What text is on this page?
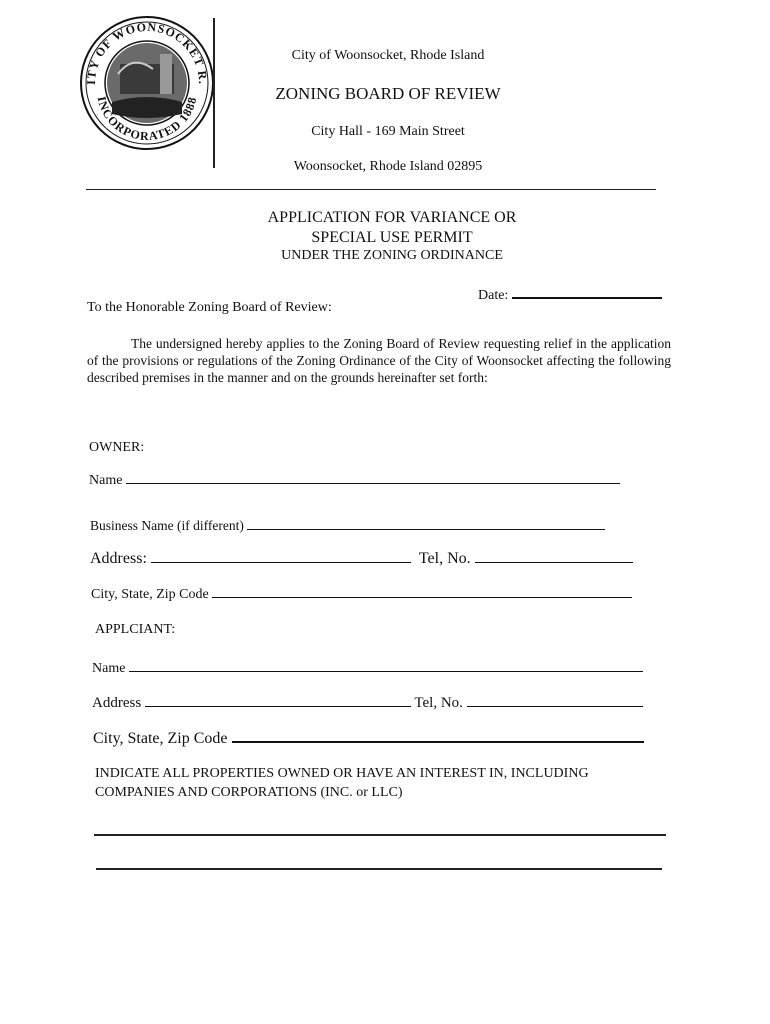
ITY OF WOONSOCKET R.
INCORPORATED 1888
City of Woonsocket, Rhode Island
ZONING BOARD OF REVIEW
City Hall - 169 Main Street
Woonsocket, Rhode Island 02895
APPLICATION FOR VARIANCE OR
SPECIAL USE PERMIT
UNDER THE ZONING ORDINANCE
Date:
To the Honorable Zoning Board of Review:
The undersigned hereby applies to the Zoning Board of Review requesting relief in the application of the provisions or regulations of the Zoning Ordinance of the City of Woonsocket affecting the following described premises in the manner and on the grounds hereinafter set forth:
OWNER:
Name
Business Name (if different)
Address:	Tel, No.
City, State, Zip Code
APPLCIANT:
Name
Address	Tel, No.
City, State, Zip Code
INDICATE ALL PROPERTIES OWNED OR HAVE AN INTEREST IN, INCLUDING
COMPANIES AND CORPORATIONS (INC. or LLC)
